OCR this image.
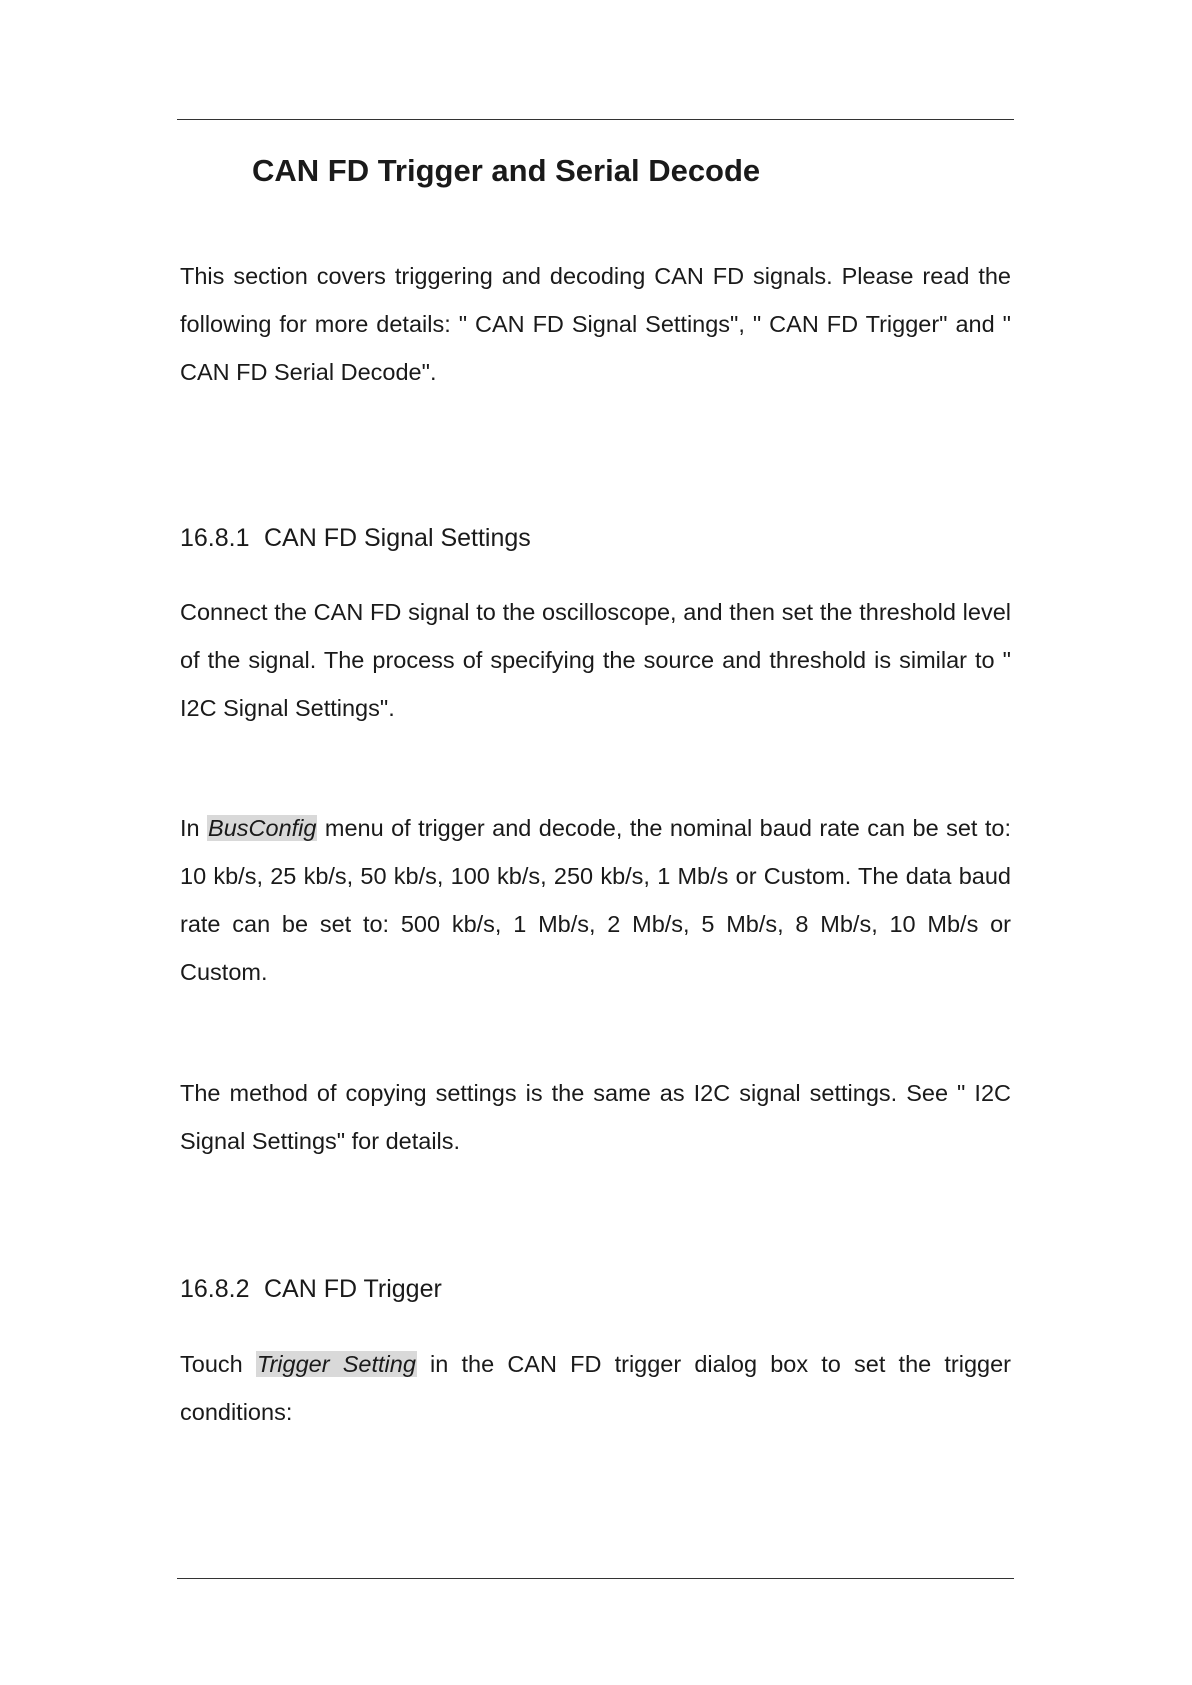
CAN FD Trigger and Serial Decode

This section covers triggering and decoding CAN FD signals. Please read the following for more details: " CAN FD Signal Settings", " CAN FD Trigger" and " CAN FD Serial Decode".

16.8.1 CAN FD Signal Settings

Connect the CAN FD signal to the oscilloscope, and then set the threshold level of the signal. The process of specifying the source and threshold is similar to " I2C Signal Settings".

In BusConfig menu of trigger and decode, the nominal baud rate can be set to: 10 kb/s, 25 kb/s, 50 kb/s, 100 kb/s, 250 kb/s, 1 Mb/s or Custom. The data baud rate can be set to: 500 kb/s, 1 Mb/s, 2 Mb/s, 5 Mb/s, 8 Mb/s, 10 Mb/s or Custom.

The method of copying settings is the same as I2C signal settings. See " I2C Signal Settings" for details.

16.8.2 CAN FD Trigger

Touch Trigger Setting in the CAN FD trigger dialog box to set the trigger conditions:
